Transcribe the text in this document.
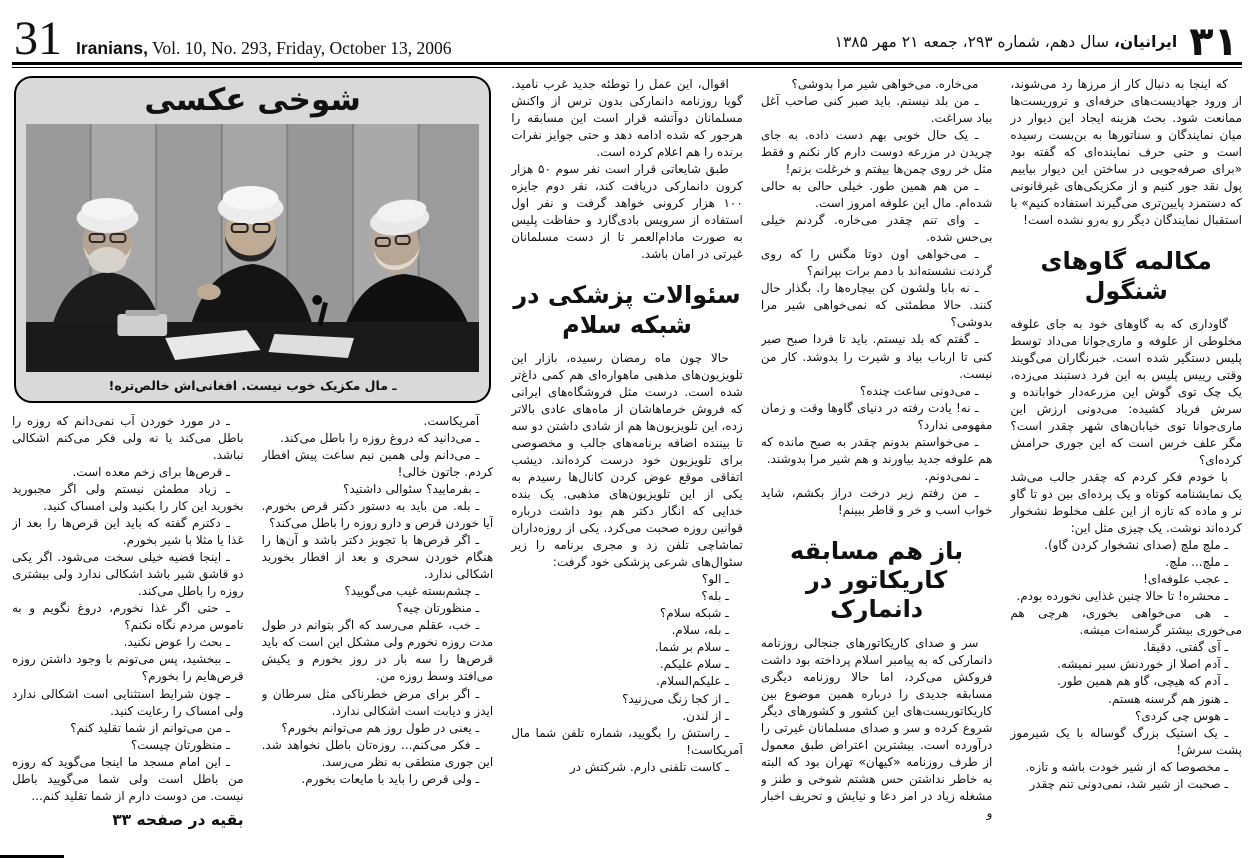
31 Iranians, Vol. 10, No. 293, Friday, October 13, 2006	۳۱
ایرانیان، سال دهم، شماره ۲۹۳، جمعه ۲۱ مهر ۱۳۸۵

که اینجا به دنبال کار از مرزها رد می‌شوند، از ورود جهادیست‌های حرفه‌ای و تروریست‌ها ممانعت شود. بحث هزینه ایجاد این دیوار در میان نمایندگان و سناتورها به بن‌بست رسیده است و حتی حرف نماینده‌ای که گفته بود «برای صرفه‌جویی در ساختن این دیوار بیاییم پول نقد جور کنیم و از مکزیکی‌های غیرقانونی که دستمزد پایین‌تری می‌گیرند استفاده کنیم» با استقبال نمایندگان دیگر رو به‌رو نشده است!

مکالمه گاوهای شنگول

گاوداری که به گاوهای خود به جای علوفه مخلوطی از علوفه و ماری‌جوانا می‌داد توسط پلیس دستگیر شده است. خبرنگاران می‌گویند وقتی رییس پلیس به این فرد دستبند می‌زده، یک چک توی گوش این مزرعه‌دار خوابانده و سرش فریاد کشیده: می‌دونی ارزش این ماری‌جوانا توی خیابان‌های شهر چقدر است؟ مگر علف خرس است که این جوری حرامش کرده‌ای؟

با خودم فکر کردم که چقدر جالب می‌شد یک نمایشنامه کوتاه و یک پرده‌ای بین دو تا گاو نر و ماده که تازه از این علف مخلوط نشخوار کرده‌اند نوشت. یک چیزی مثل این:

ـ ملچ ملچ (صدای نشخوار کردن گاو).

ـ ملچ... ملچ.

ـ عجب علوفه‌ای!

ـ محشره! تا حالا چنین غذایی نخورده بودم.

ـ هی می‌خواهی بخوری، هرچی هم می‌خوری بیشتر گرسنه‌ات میشه.

ـ آی گفتی. دقیقا.

ـ آدم اصلا از خوردنش سیر نمیشه.

ـ آدم که هیچی، گاو هم همین طور.

ـ هنوز هم گرسنه هستم.

ـ هوس چی کردی؟

ـ یک استیک بزرگ گوساله با یک شیرموز پشت سرش!

ـ مخصوصا که از شیر خودت باشه و تازه.

ـ صحبت از شیر شد، نمی‌دونی تنم چقدر

می‌خاره. می‌خواهی شیر مرا بدوشی؟

ـ من بلد نیستم. باید صبر کنی صاحب آغل بیاد سراغت.

ـ یک حال خوبی بهم دست داده. به جای چریدن در مزرعه دوست دارم کار نکنم و فقط مثل خر روی چمن‌ها بیفتم و خرغلت بزنم!

ـ من هم همین طور. خیلی حالی به حالی شده‌ام. مال این علوفه امروز است.

ـ وای تنم چقدر می‌خاره. گردنم خیلی بی‌حس شده.

ـ می‌خواهی اون دوتا مگس را که روی گردنت نشسته‌اند با دمم برات بپرانم؟

ـ نه بابا ولشون کن بیچاره‌ها را. بگذار حال کنند. حالا مطمئنی که نمی‌خواهی شیر مرا بدوشی؟

ـ گفتم که بلد نیستم. باید تا فردا صبح صبر کنی تا ارباب بیاد و شیرت را بدوشد. کار من نیست.

ـ می‌دونی ساعت چنده؟

ـ نه! یادت رفته در دنیای گاوها وقت و زمان مفهومی ندارد؟

ـ می‌خواستم بدونم چقدر به صبح مانده که هم علوفه جدید بیاورند و هم شیر مرا بدوشند.

ـ نمی‌دونم.

ـ من رفتم زیر درخت دراز بکشم، شاید خواب اسب و خر و قاطر ببینم!

باز هم مسابقه کاریکاتور در دانمارک

سر و صدای کاریکاتورهای جنجالی روزنامه دانمارکی که به پیامبر اسلام پرداخته بود داشت فروکش می‌کرد، اما حالا روزنامه دیگری مسابقه جدیدی را درباره همین موضوع بین کاریکاتوریست‌های این کشور و کشورهای دیگر شروع کرده و سر و صدای مسلمانان غیرتی را درآورده است. بیشترین اعتراض طبق معمول از طرف روزنامه «کیهان» تهران بود که البته به خاطر نداشتن حس هشتم شوخی و طنز و مشغله زیاد در امر دعا و نیایش و تحریف اخبار و

اقوال، این عمل را توطئه جدید غرب نامید. گویا روزنامه دانمارکی بدون ترس از واکنش مسلمانان دوآتشه قرار است این مسابقه را هرجور که شده ادامه دهد و حتی جوایز نفرات برنده را هم اعلام کرده است.

طبق شایعاتی قرار است نفر سوم ۵۰ هزار کرون دانمارکی دریافت کند، نفر دوم جایزه ۱۰۰ هزار کرونی خواهد گرفت و نفر اول استفاده از سرویس بادی‌گارد و حفاظت پلیس به صورت مادام‌العمر تا از دست مسلمانان غیرتی در امان باشد.

سئوالات پزشکی در شبکه سلام

حالا چون ماه رمضان رسیده، بازار این تلویزیون‌های مذهبی ماهواره‌ای هم کمی داغ‌تر شده است. درست مثل فروشگاه‌های ایرانی که فروش خرماهاشان از ماه‌های عادی بالاتر زده، این تلویزیون‌ها هم از شادی داشتن دو سه تا بیننده اضافه برنامه‌های جالب و مخصوصی برای تلویزیون خود درست کرده‌اند. دیشب اتفاقی موقع عوض کردن کانال‌ها رسیدم به یکی از این تلویزیون‌های مذهبی. یک بنده خدایی که انگار دکتر هم بود داشت درباره قوانین روزه صحبت می‌کرد. یکی از روزه‌داران تماشاچی تلفن زد و مجری برنامه را زیر سئوال‌های شرعی پزشکی خود گرفت:

ـ الو؟

ـ بله؟

ـ شبکه سلام؟

ـ بله، سلام.

ـ سلام بر شما.

ـ سلام علیکم.

ـ علیکم‌السلام.

ـ از کجا زنگ می‌زنید؟

ـ از لندن.

ـ راستش را بگویید، شماره تلفن شما مال آمریکاست!

ـ کاست تلفنی دارم. شرکتش در

شوخی عکسی
ـ مال مکزیک خوب نیست. افغانی‌اش خالص‌تره!

آمریکاست.

ـ می‌دانید که دروغ روزه را باطل می‌کند.

ـ می‌دانم ولی همین نیم ساعت پیش افطار کردم. جاتون خالی!

ـ بفرمایید؟ سئوالی داشتید؟

ـ بله. من باید به دستور دکتر قرص بخورم. آیا خوردن قرص و دارو روزه را باطل می‌کند؟

ـ اگر قرص‌ها با تجویز دکتر باشد و آن‌ها را هنگام خوردن سحری و بعد از افطار بخورید اشکالی ندارد.

ـ چشم‌بسته غیب می‌گویید؟

ـ منظورتان چیه؟

ـ خب، عقلم می‌رسد که اگر بتوانم در طول مدت روزه نخورم ولی مشکل این است که باید قرص‌ها را سه بار در روز بخورم و یکیش می‌افتد وسط روزه من.

ـ اگر برای مرض خطرناکی مثل سرطان و ایدز و دیابت است اشکالی ندارد.

ـ یعنی در طول روز هم می‌توانم بخورم؟

ـ فکر می‌کنم... روزه‌تان باطل نخواهد شد. این جوری منطقی به نظر می‌رسد.

ـ ولی قرص را باید با مایعات بخورم.

ـ در مورد خوردن آب نمی‌دانم که روزه را باطل می‌کند یا نه ولی فکر می‌کنم اشکالی نباشد.

ـ قرص‌ها برای زخم معده است.

ـ زیاد مطمئن نیستم ولی اگر مجبورید بخورید این کار را بکنید ولی امساک کنید.

ـ دکترم گفته که باید این قرص‌ها را بعد از غذا یا مثلا با شیر بخورم.

ـ اینجا قضیه خیلی سخت می‌شود. اگر یکی دو قاشق شیر باشد اشکالی ندارد ولی بیشتری روزه را باطل می‌کند.

ـ حتی اگر غذا نخورم، دروغ نگویم و به ناموس مردم نگاه نکنم؟

ـ بحث را عوض نکنید.

ـ ببخشید، پس می‌تونم با وجود داشتن روزه قرص‌هایم را بخورم؟

ـ چون شرایط استثنایی است اشکالی ندارد ولی امساک را رعایت کنید.

ـ من می‌توانم از شما تقلید کنم؟

ـ منظورتان چیست؟

ـ این امام مسجد ما اینجا می‌گوید که روزه من باطل است ولی شما می‌گویید باطل نیست. من دوست دارم از شما تقلید کنم...

بقیه در صفحه ۳۳
